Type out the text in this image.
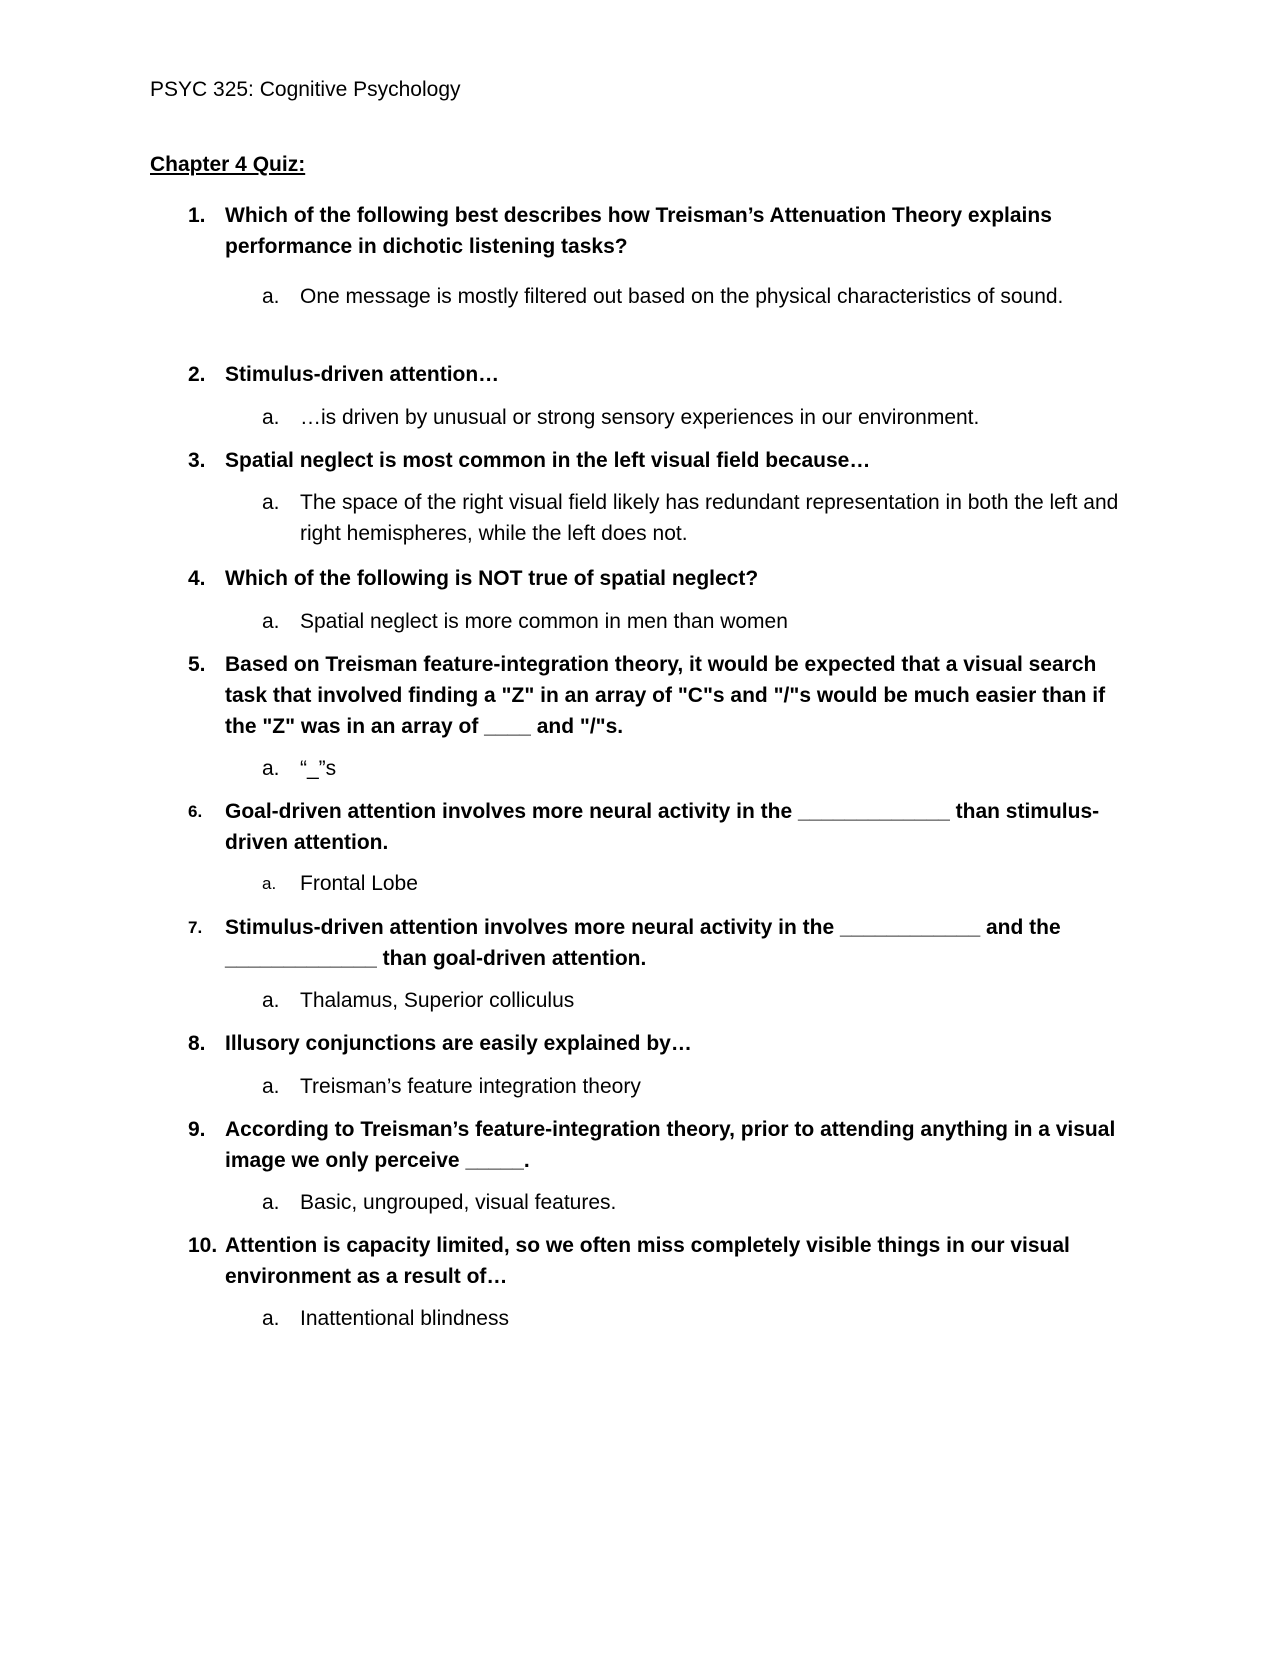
PSYC 325: Cognitive Psychology
Chapter 4 Quiz:
1. Which of the following best describes how Treisman’s Attenuation Theory explains performance in dichotic listening tasks?
a. One message is mostly filtered out based on the physical characteristics of sound.
2. Stimulus-driven attention…
a. …is driven by unusual or strong sensory experiences in our environment.
3. Spatial neglect is most common in the left visual field because…
a. The space of the right visual field likely has redundant representation in both the left and right hemispheres, while the left does not.
4. Which of the following is NOT true of spatial neglect?
a. Spatial neglect is more common in men than women
5. Based on Treisman feature-integration theory, it would be expected that a visual search task that involved finding a "Z" in an array of "C"s and "/"s would be much easier than if the "Z" was in an array of ____ and "/"s.
a. “_”s
6. Goal-driven attention involves more neural activity in the _____________ than stimulus-driven attention.
a. Frontal Lobe
7. Stimulus-driven attention involves more neural activity in the ____________ and the _____________ than goal-driven attention.
a. Thalamus, Superior colliculus
8. Illusory conjunctions are easily explained by…
a. Treisman’s feature integration theory
9. According to Treisman’s feature-integration theory, prior to attending anything in a visual image we only perceive _____.
a. Basic, ungrouped, visual features.
10. Attention is capacity limited, so we often miss completely visible things in our visual environment as a result of…
a. Inattentional blindness
